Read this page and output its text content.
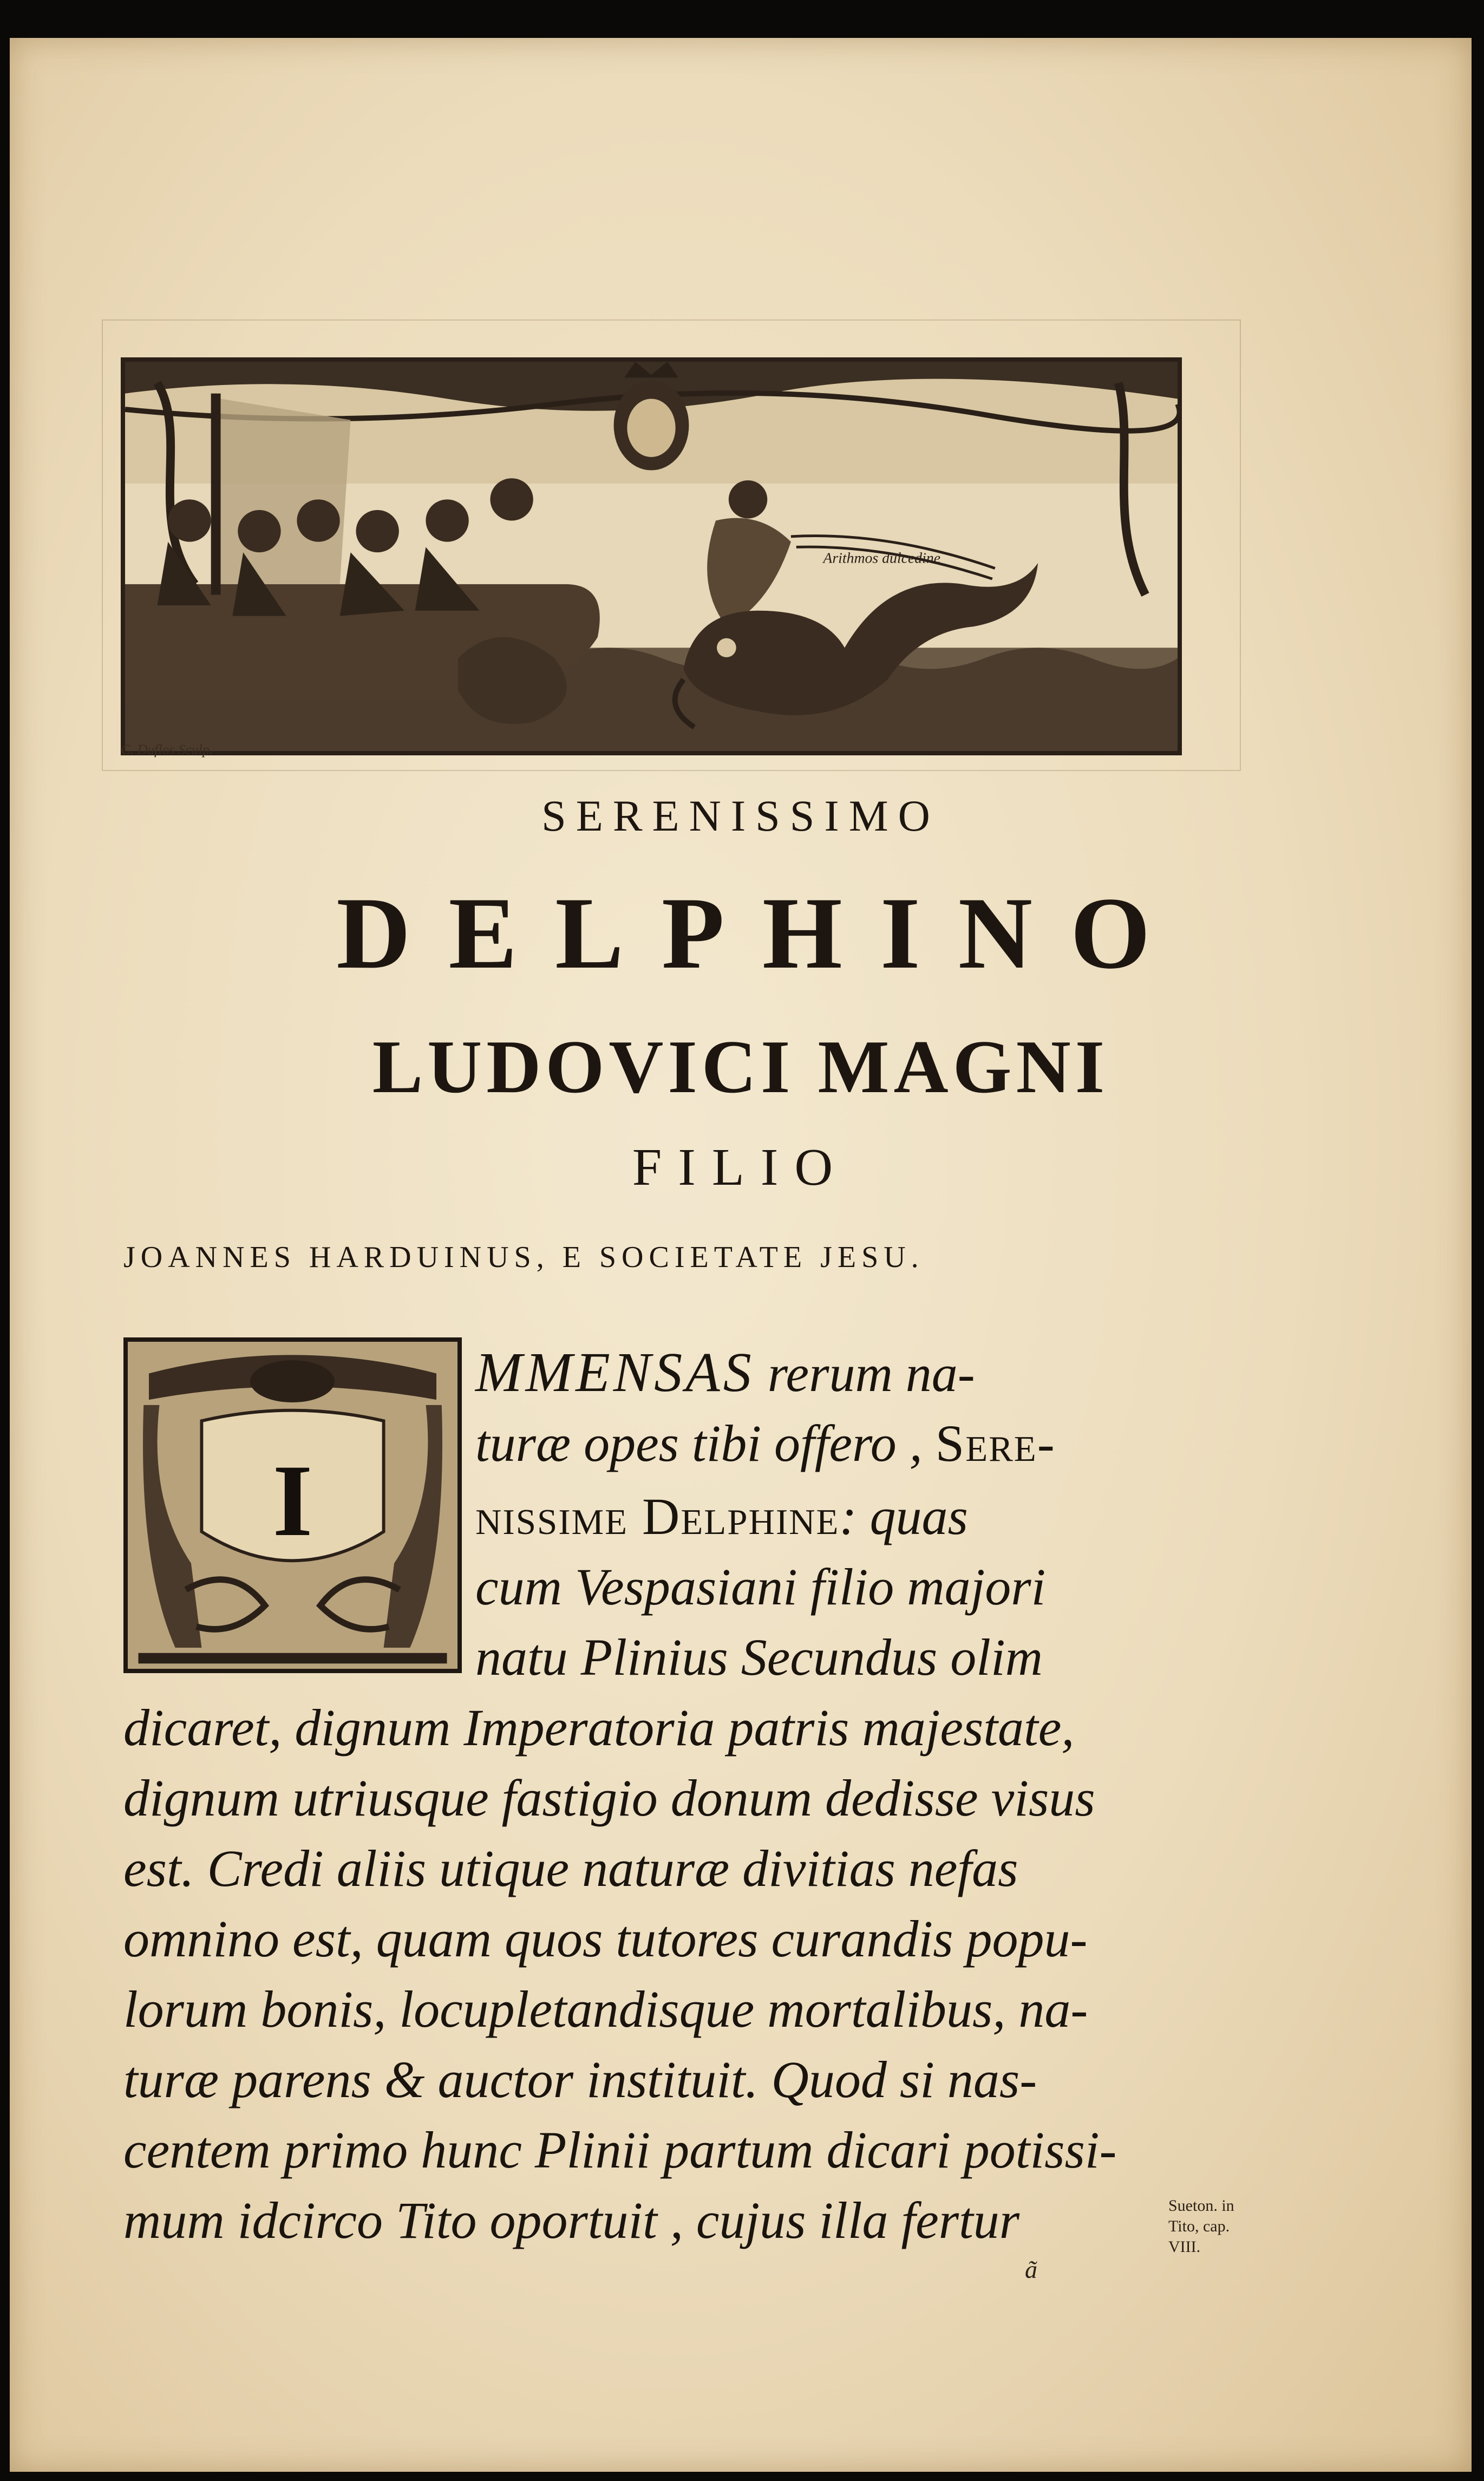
Arithmos dulcedine
C. Duflos Sculp.
SERENISSIMO
DELPHINO
LUDOVICI MAGNI
FILIO
JOANNES HARDUINUS, E SOCIETATE JESU.
I
MMENSAS rerum na-
turæ opes tibi offero , Sere-
nissime Delphine: quas
cum Vespasiani filio majori
natu Plinius Secundus olim
dicaret, dignum Imperatoria patris majestate,
dignum utriusque fastigio donum dedisse visus
est. Credi aliis utique naturæ divitias nefas
omnino est, quam quos tutores curandis popu-
lorum bonis, locupletandisque mortalibus, na-
turæ parens & auctor instituit. Quod si nas-
centem primo hunc Plinii partum dicari potissi-
mum idcirco Tito oportuit , cujus illa fertur	Sueton. in
Tito, cap.
VIII.
ã
